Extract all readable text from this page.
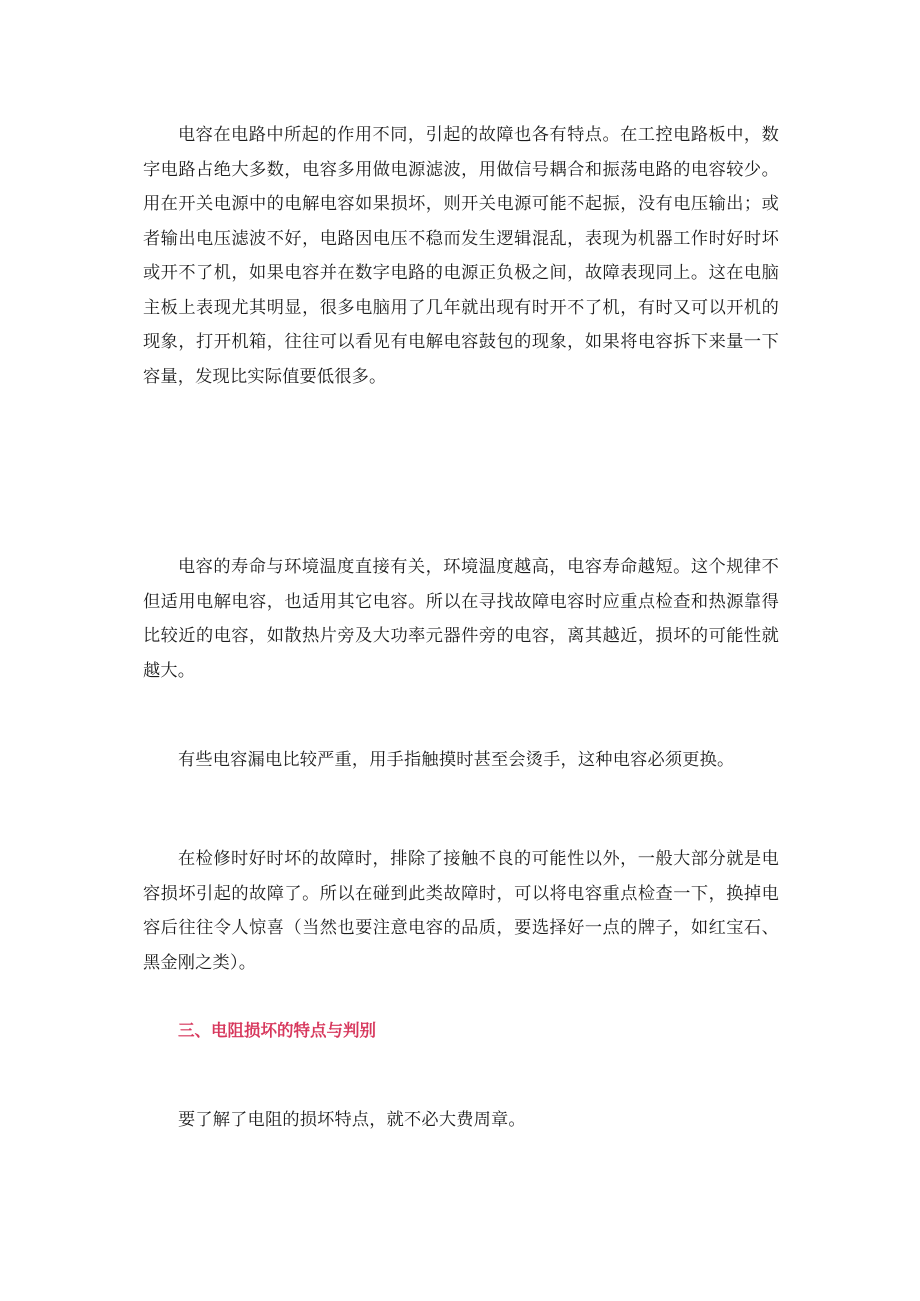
电容在电路中所起的作用不同，引起的故障也各有特点。在工控电路板中，数字电路占绝大多数，电容多用做电源滤波，用做信号耦合和振荡电路的电容较少。用在开关电源中的电解电容如果损坏，则开关电源可能不起振，没有电压输出；或者输出电压滤波不好，电路因电压不稳而发生逻辑混乱，表现为机器工作时好时坏或开不了机，如果电容并在数字电路的电源正负极之间，故障表现同上。这在电脑主板上表现尤其明显，很多电脑用了几年就出现有时开不了机，有时又可以开机的现象，打开机箱，往往可以看见有电解电容鼓包的现象，如果将电容拆下来量一下容量，发现比实际值要低很多。

电容的寿命与环境温度直接有关，环境温度越高，电容寿命越短。这个规律不但适用电解电容，也适用其它电容。所以在寻找故障电容时应重点检查和热源靠得比较近的电容，如散热片旁及大功率元器件旁的电容，离其越近，损坏的可能性就越大。

有些电容漏电比较严重，用手指触摸时甚至会烫手，这种电容必须更换。

在检修时好时坏的故障时，排除了接触不良的可能性以外，一般大部分就是电容损坏引起的故障了。所以在碰到此类故障时，可以将电容重点检查一下，换掉电容后往往令人惊喜（当然也要注意电容的品质，要选择好一点的牌子，如红宝石、黑金刚之类）。

三、电阻损坏的特点与判别

要了解了电阻的损坏特点，就不必大费周章。
